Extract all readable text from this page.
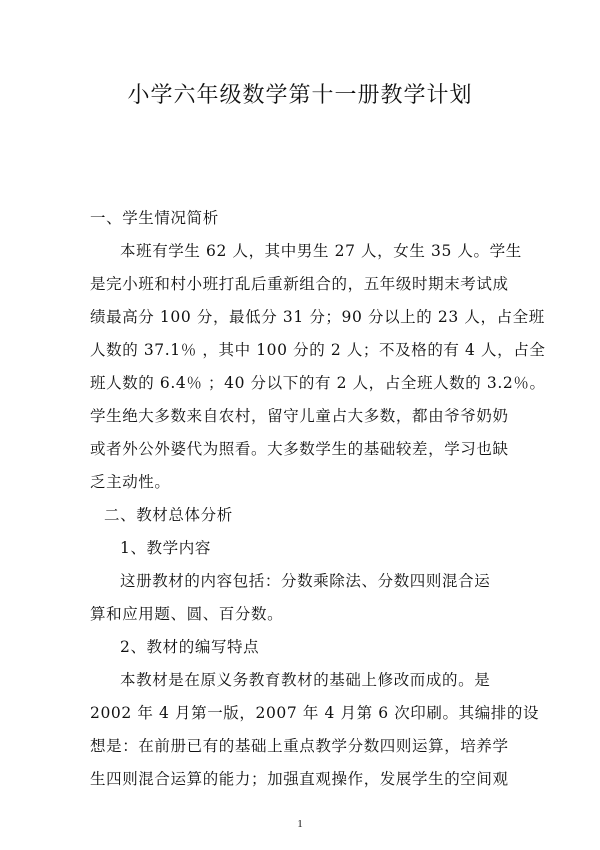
小学六年级数学第十一册教学计划

一、学生情况简析

本班有学生 62 人，其中男生 27 人，女生 35 人。学生

是完小班和村小班打乱后重新组合的，五年级时期末考试成

绩最高分 100 分，最低分 31 分；90 分以上的 23 人，占全班

人数的 37.1％ ，其中 100 分的 2 人；不及格的有 4 人，占全

班人数的 6.4％ ；40 分以下的有 2 人，占全班人数的 3.2％。

学生绝大多数来自农村，留守儿童占大多数，都由爷爷奶奶

或者外公外婆代为照看。大多数学生的基础较差，学习也缺

乏主动性。

二、教材总体分析

1、教学内容

这册教材的内容包括：分数乘除法、分数四则混合运

算和应用题、圆、百分数。

2、教材的编写特点

本教材是在原义务教育教材的基础上修改而成的。是

2002 年 4 月第一版，2007 年 4 月第 6 次印刷。其编排的设

想是：在前册已有的基础上重点教学分数四则运算，培养学

生四则混合运算的能力；加强直观操作，发展学生的空间观

1
